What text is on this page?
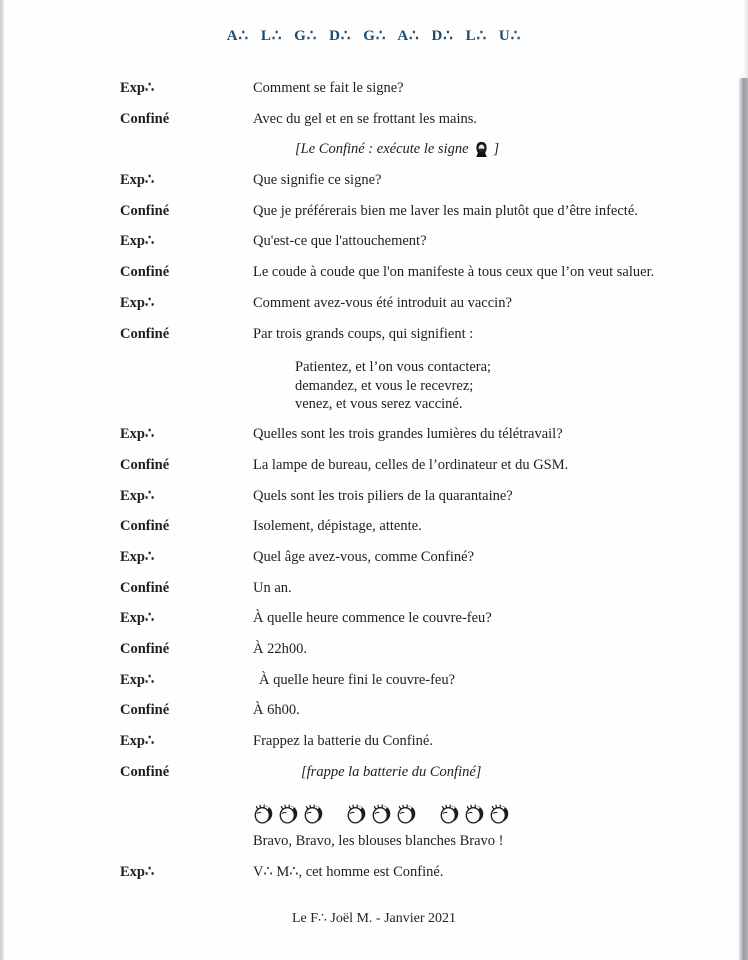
A∴ L∴ G∴ D∴ G∴ A∴ D∴ L∴ U∴
Exp∴	Comment se fait le signe?
Confiné	Avec du gel et en se frottant les mains.
[Le Confiné : exécute le signe ]
Exp∴	Que signifie ce signe?
Confiné	Que je préférerais bien me laver les main plutôt que d’être infecté.
Exp∴	Qu'est-ce que l'attouchement?
Confiné	Le coude à coude que l'on manifeste à tous ceux que l’on veut saluer.
Exp∴	Comment avez-vous été introduit au vaccin?
Confiné	Par trois grands coups, qui signifient :
Patientez, et l’on vous contactera;
demandez, et vous le recevrez;
venez, et vous serez vacciné.
Exp∴	Quelles sont les trois grandes lumières du télétravail?
Confiné	La lampe de bureau, celles de l’ordinateur et du GSM.
Exp∴	Quels sont les trois piliers de la quarantaine?
Confiné	Isolement, dépistage, attente.
Exp∴	Quel âge avez-vous, comme Confiné?
Confiné	Un an.
Exp∴	À quelle heure commence le couvre-feu?
Confiné	À 22h00.
Exp∴	À quelle heure fini le couvre-feu?
Confiné	À 6h00.
Exp∴	Frappez la batterie du Confiné.
Confiné	[frappe la batterie du Confiné]
Bravo, Bravo, les blouses blanches Bravo !
Exp∴	V∴ M∴, cet homme est Confiné.
Le F∴ Joël M. - Janvier 2021
